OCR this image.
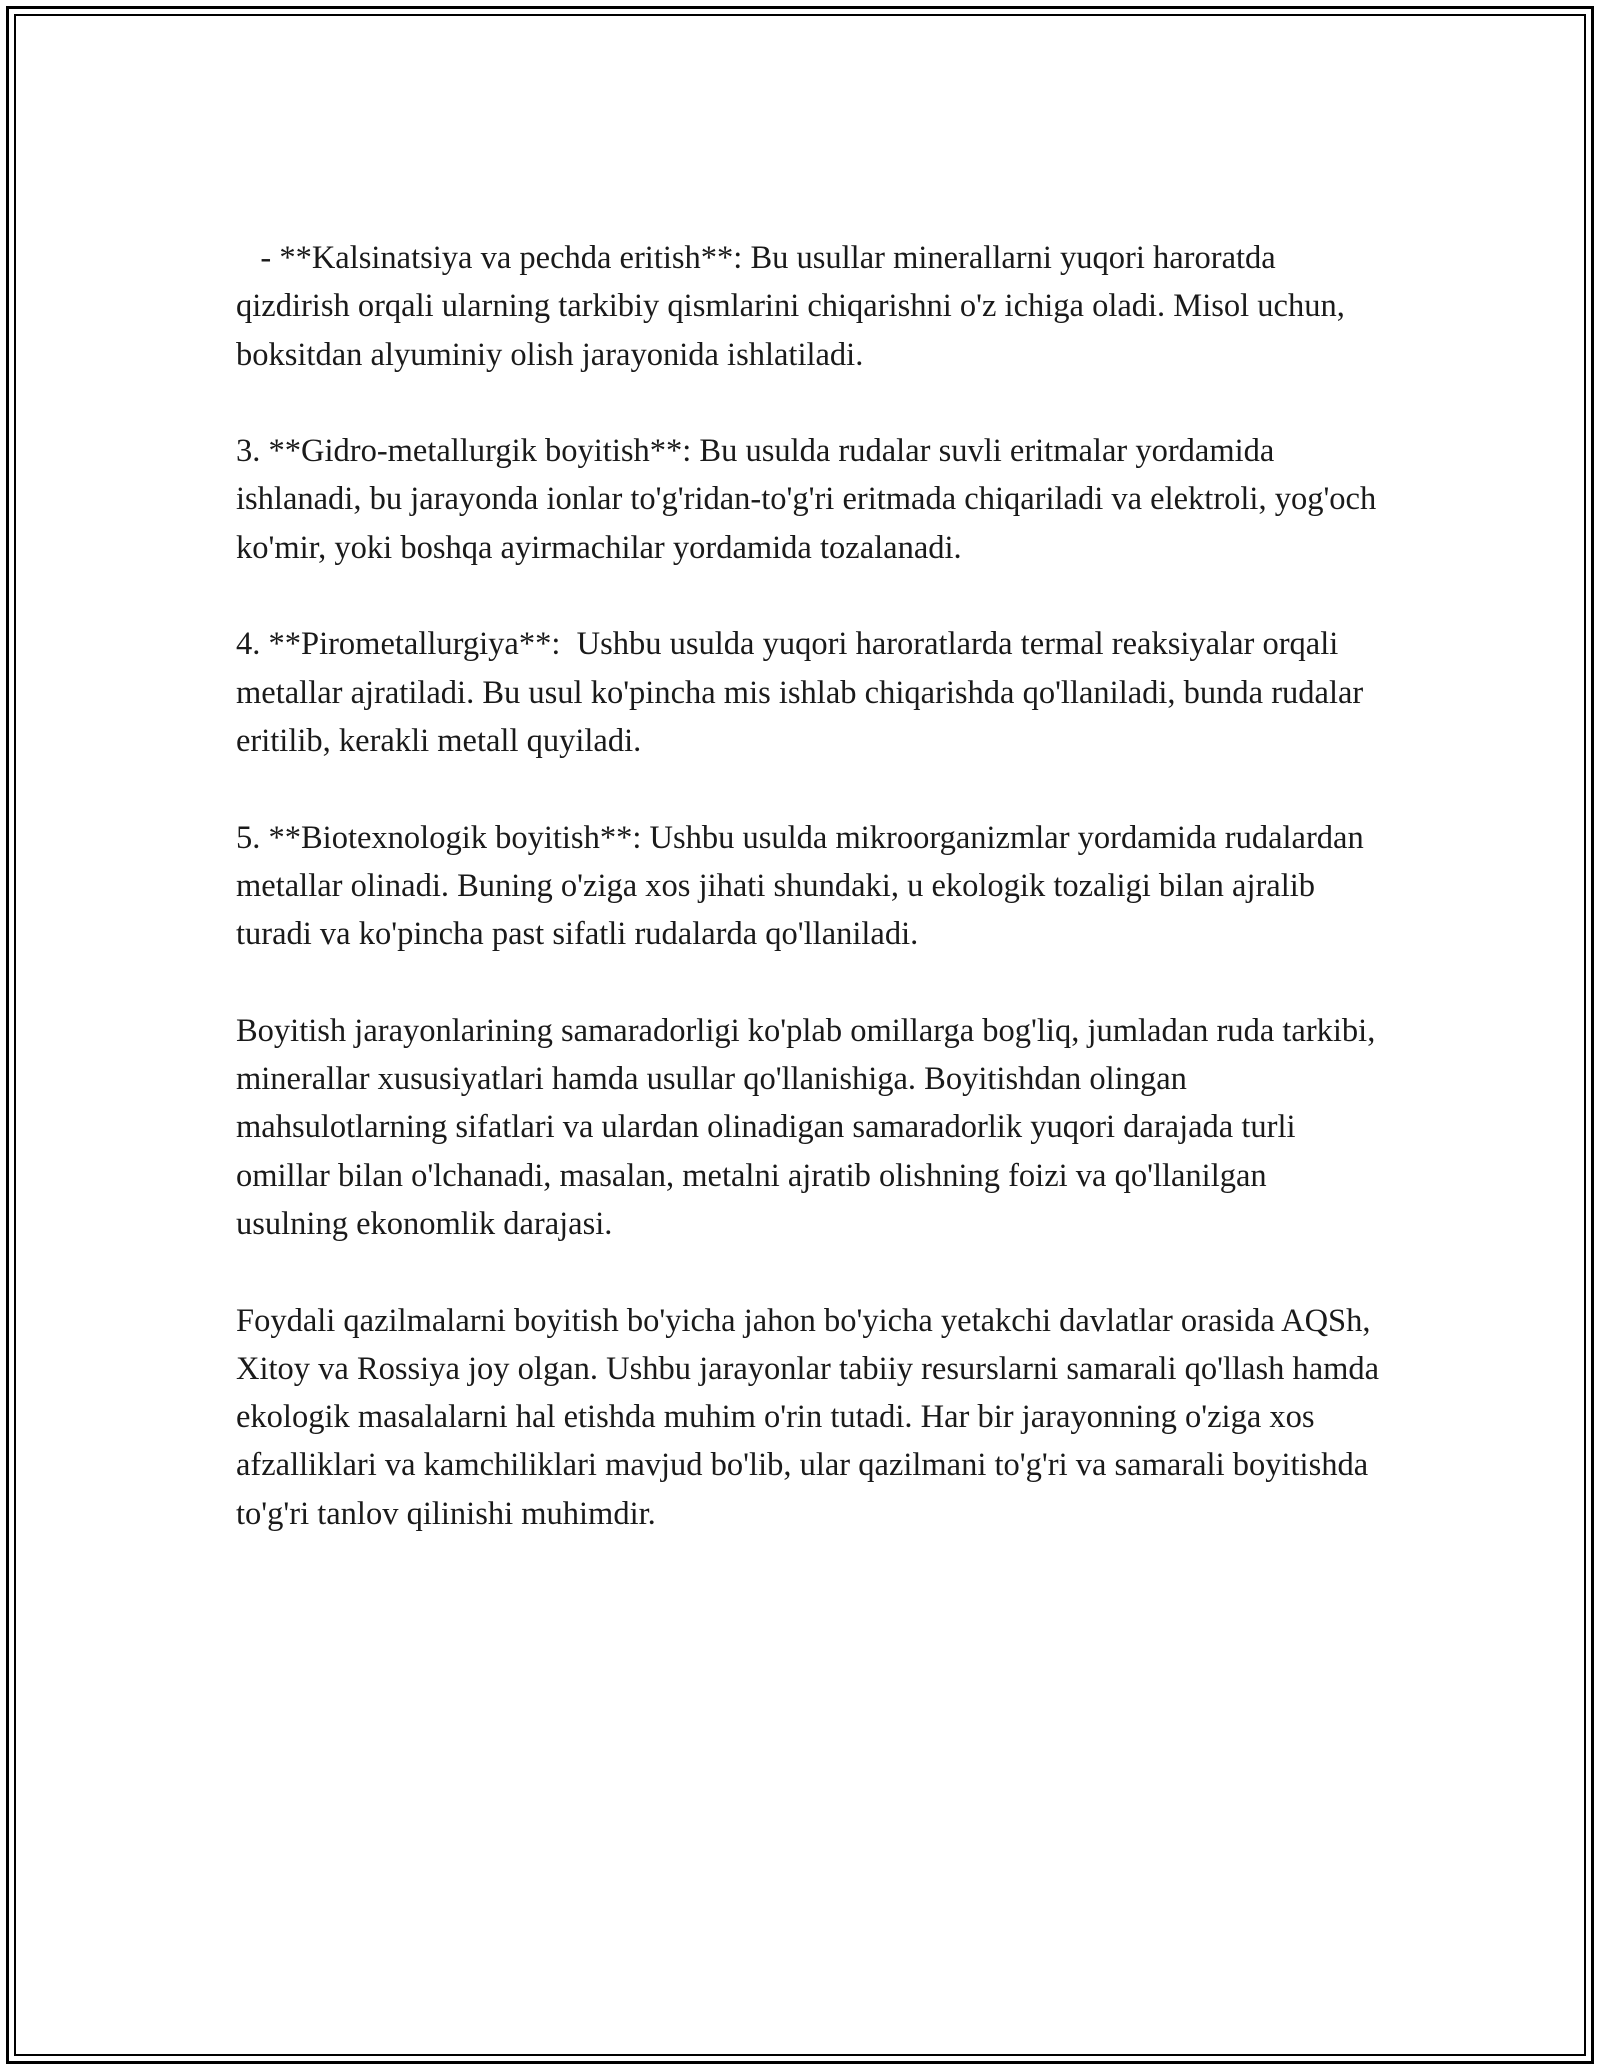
- **Kalsinatsiya va pechda eritish**: Bu usullar minerallarni yuqori haroratda qizdirish orqali ularning tarkibiy qismlarini chiqarishni o'z ichiga oladi. Misol uchun, boksitdan alyuminiy olish jarayonida ishlatiladi.

3. **Gidro-metallurgik boyitish**: Bu usulda rudalar suvli eritmalar yordamida ishlanadi, bu jarayonda ionlar to'g'ridan-to'g'ri eritmada chiqariladi va elektroli, yog'och ko'mir, yoki boshqa ayirmachilar yordamida tozalanadi.

4. **Pirometallurgiya**:  Ushbu usulda yuqori haroratlarda termal reaksiyalar orqali metallar ajratiladi. Bu usul ko'pincha mis ishlab chiqarishda qo'llaniladi, bunda rudalar eritilib, kerakli metall quyiladi.

5. **Biotexnologik boyitish**: Ushbu usulda mikroorganizmlar yordamida rudalardan metallar olinadi. Buning o'ziga xos jihati shundaki, u ekologik tozaligi bilan ajralib turadi va ko'pincha past sifatli rudalarda qo'llaniladi.

Boyitish jarayonlarining samaradorligi ko'plab omillarga bog'liq, jumladan ruda tarkibi, minerallar xususiyatlari hamda usullar qo'llanishiga. Boyitishdan olingan mahsulotlarning sifatlari va ulardan olinadigan samaradorlik yuqori darajada turli omillar bilan o'lchanadi, masalan, metalni ajratib olishning foizi va qo'llanilgan usulning ekonomlik darajasi.

Foydali qazilmalarni boyitish bo'yicha jahon bo'yicha yetakchi davlatlar orasida AQSh, Xitoy va Rossiya joy olgan. Ushbu jarayonlar tabiiy resurslarni samarali qo'llash hamda ekologik masalalarni hal etishda muhim o'rin tutadi. Har bir jarayonning o'ziga xos afzalliklari va kamchiliklari mavjud bo'lib, ular qazilmani to'g'ri va samarali boyitishda to'g'ri tanlov qilinishi muhimdir.
